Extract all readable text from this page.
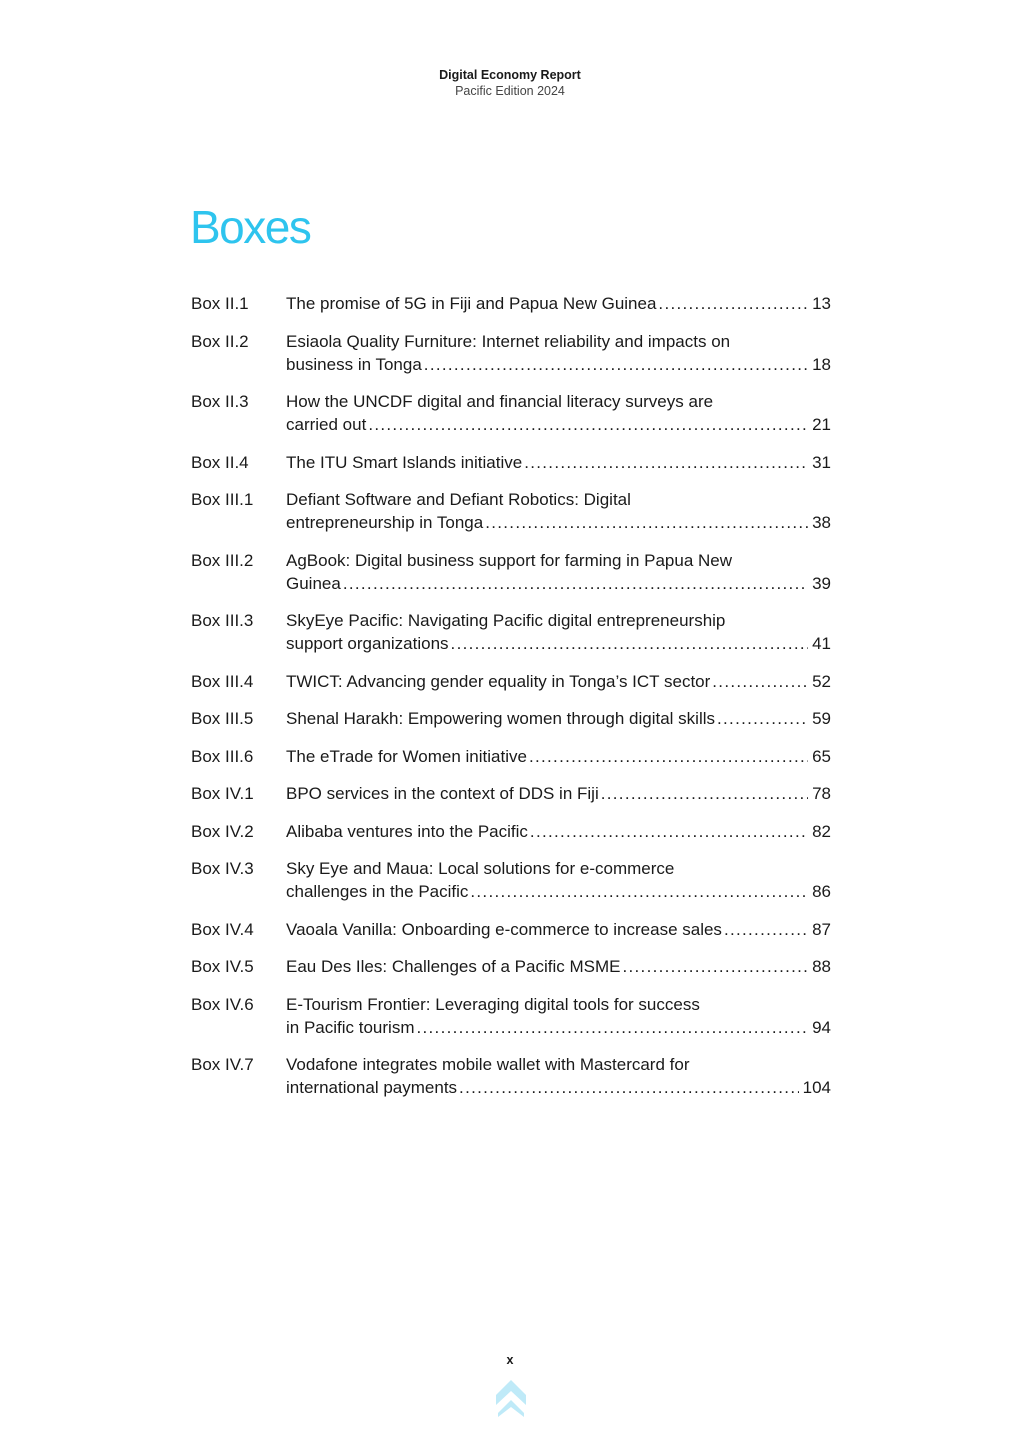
Digital Economy Report
Pacific Edition 2024
Boxes
Box II.1	The promise of 5G in Fiji and Papua New Guinea .....	13
Box II.2	Esiaola Quality Furniture: Internet reliability and impacts on
business in Tonga .....	18
Box II.3	How the UNCDF digital and financial literacy surveys are
carried out .....	21
Box II.4	The ITU Smart Islands initiative .....	31
Box III.1	Defiant Software and Defiant Robotics: Digital
entrepreneurship in Tonga .....	38
Box III.2	AgBook: Digital business support for farming in Papua New
Guinea .....	39
Box III.3	SkyEye Pacific: Navigating Pacific digital entrepreneurship
support organizations .....	41
Box III.4	TWICT: Advancing gender equality in Tonga’s ICT sector .....	52
Box III.5	Shenal Harakh: Empowering women through digital skills .....	59
Box III.6	The eTrade for Women initiative .....	65
Box IV.1	BPO services in the context of DDS in Fiji .....	78
Box IV.2	Alibaba ventures into the Pacific .....	82
Box IV.3	Sky Eye and Maua: Local solutions for e-commerce
challenges in the Pacific .....	86
Box IV.4	Vaoala Vanilla: Onboarding e-commerce to increase sales .....	87
Box IV.5	Eau Des Iles: Challenges of a Pacific MSME .....	88
Box IV.6	E-Tourism Frontier: Leveraging digital tools for success
in Pacific tourism .....	94
Box IV.7	Vodafone integrates mobile wallet with Mastercard for
international payments .....	104
x
